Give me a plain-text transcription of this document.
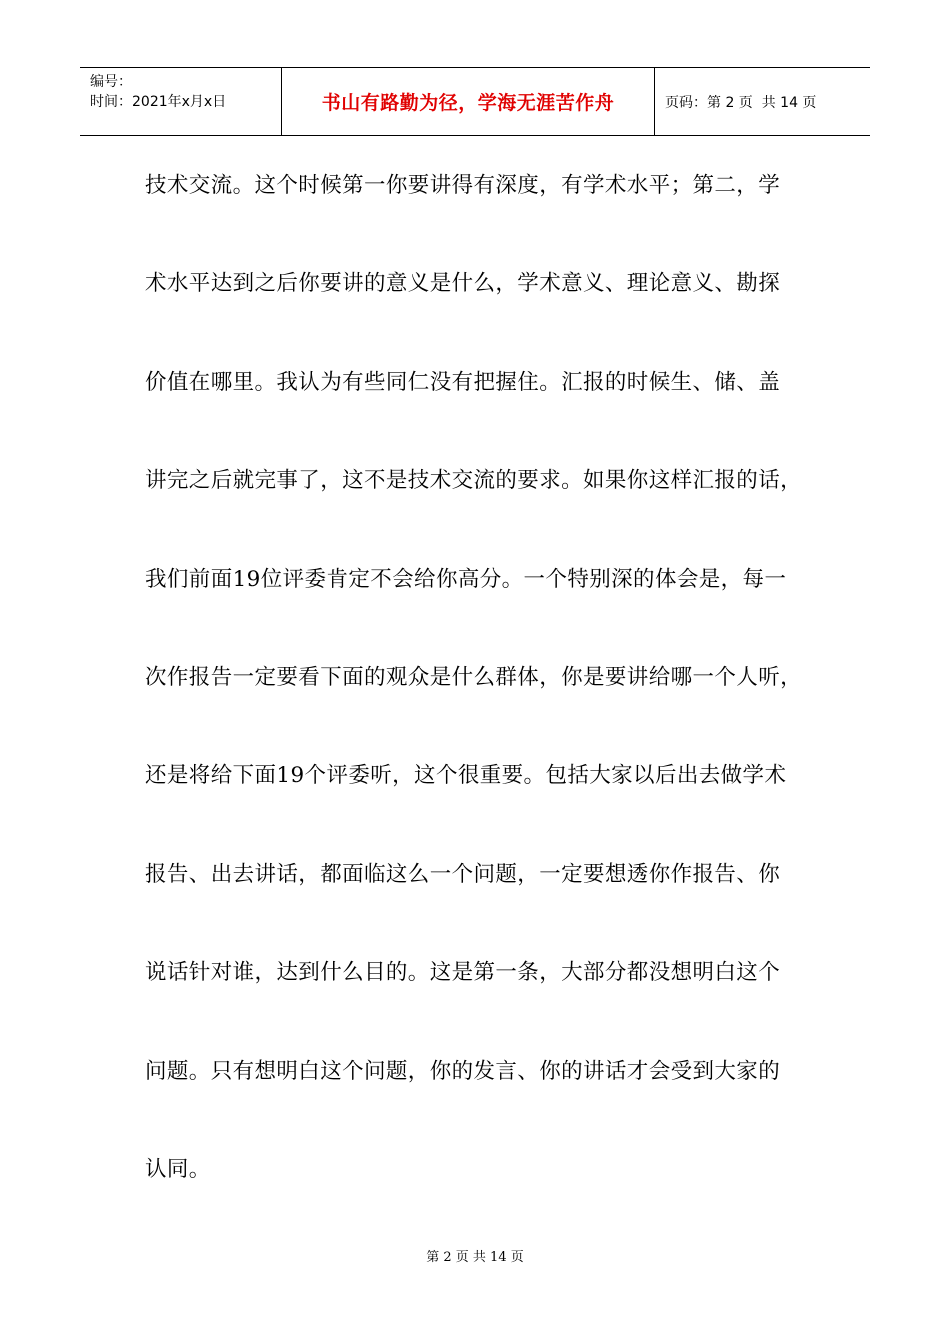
编号：
时间：2021年x月x日	书山有路勤为径，学海无涯苦作舟	页码：第 2 页  共 14 页
技术交流。这个时候第一你要讲得有深度，有学术水平；第二，学
术水平达到之后你要讲的意义是什么，学术意义、理论意义、勘探
价值在哪里。我认为有些同仁没有把握住。汇报的时候生、储、盖
讲完之后就完事了，这不是技术交流的要求。如果你这样汇报的话，
我们前面19位评委肯定不会给你高分。一个特别深的体会是，每一
次作报告一定要看下面的观众是什么群体，你是要讲给哪一个人听，
还是将给下面19个评委听，这个很重要。包括大家以后出去做学术
报告、出去讲话，都面临这么一个问题，一定要想透你作报告、你
说话针对谁，达到什么目的。这是第一条，大部分都没想明白这个
问题。只有想明白这个问题，你的发言、你的讲话才会受到大家的
认同。
第 2 页 共 14 页
